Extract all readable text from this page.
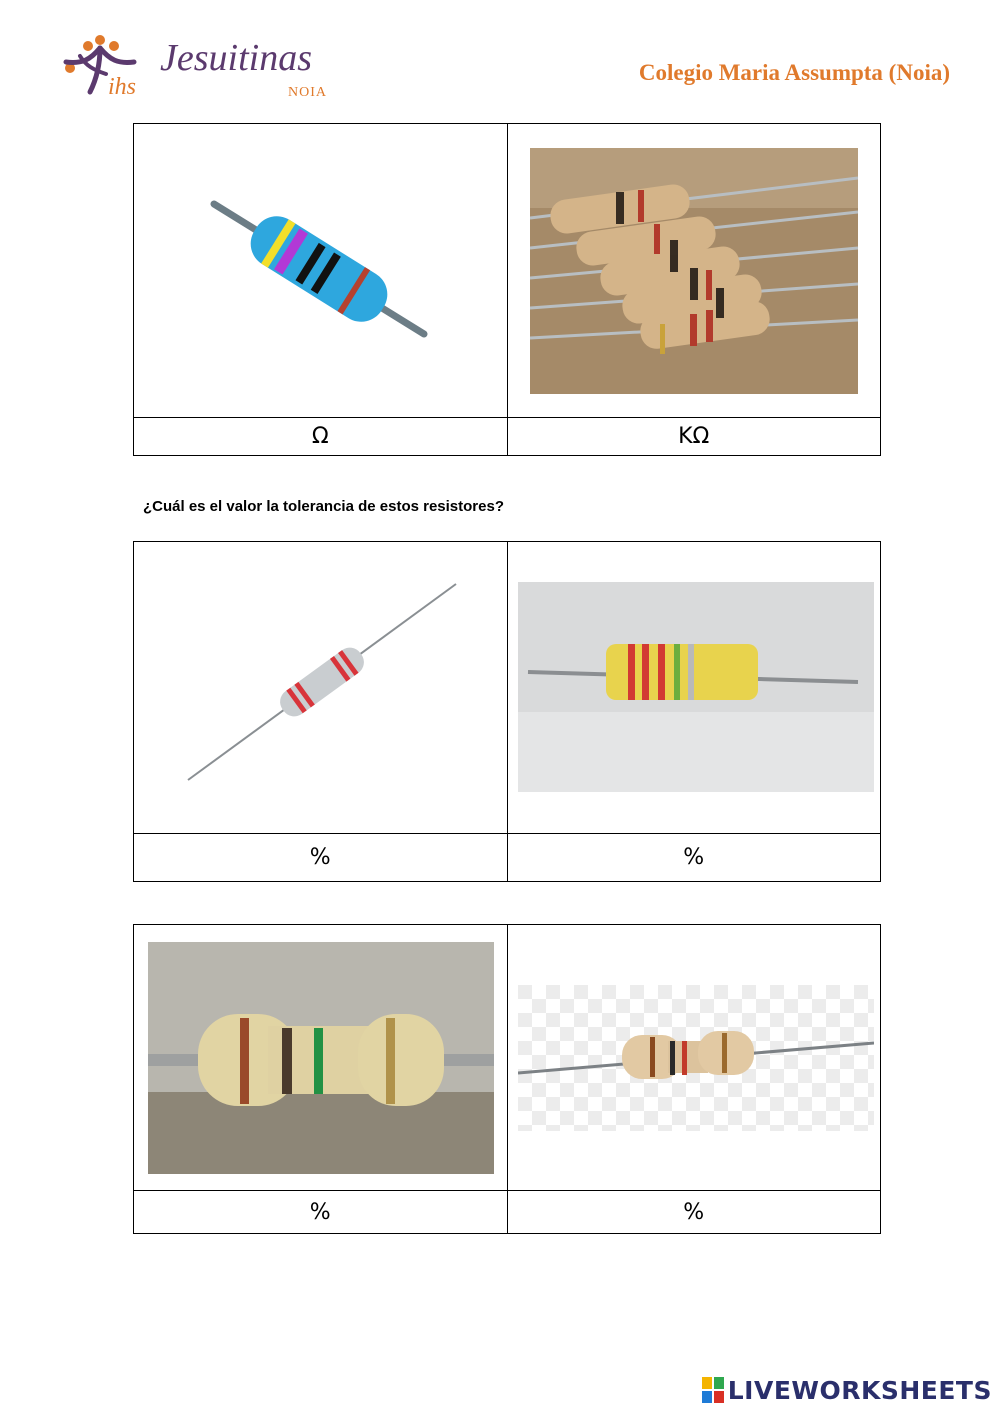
ihs
Jesuitinas
NOIA
Colegio Maria Assumpta (Noia)

Ω	KΩ
¿Cuál es el valor la tolerancia de estos resistores?

%	%

%	%
LIVEWORKSHEETS
